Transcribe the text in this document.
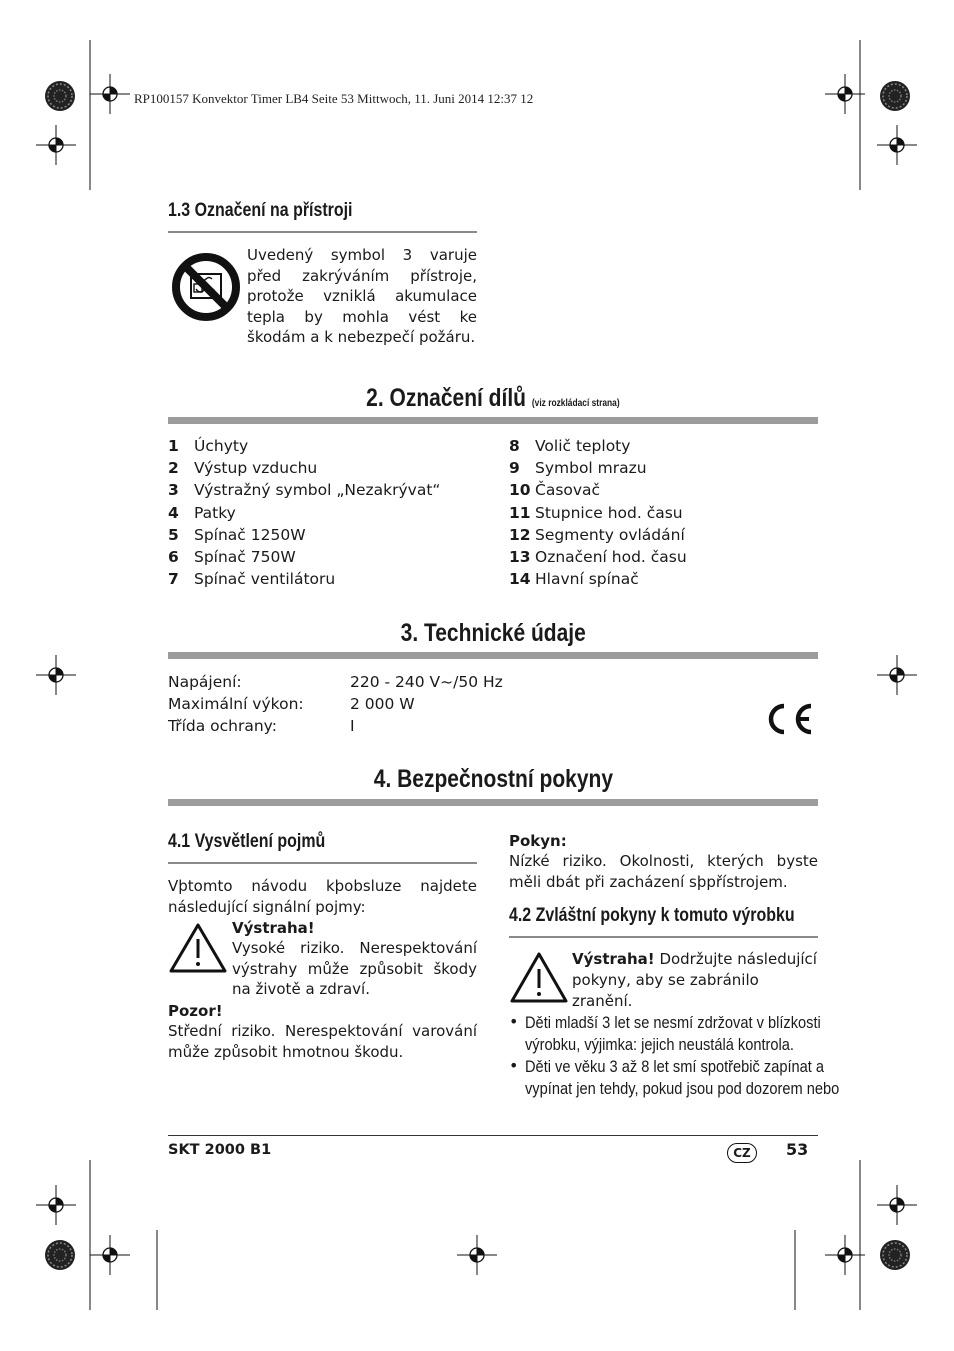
RP100157 Konvektor Timer LB4 Seite 53 Mittwoch, 11. Juni 2014 12:37 12
1.3 Označení na přístroji
Uvedený symbol 3 varuje před zakrýváním přístroje, protože vzniklá akumulace tepla by mohla vést ke škodám a k nebezpečí požáru.
2. Označení dílů (viz rozkládací strana)
1 Úchyty
2 Výstup vzduchu
3 Výstražný symbol „Nezakrývat“
4 Patky
5 Spínač 1250W
6 Spínač 750W
7 Spínač ventilátoru
8 Volič teploty
9 Symbol mrazu
10 Časovač
11 Stupnice hod. času
12 Segmenty ovládání
13 Označení hod. času
14 Hlavní spínač
3. Technické údaje
Napájení:	220 - 240 V~/50 Hz
Maximální výkon:	2 000 W
Třída ochrany:	I
4. Bezpečnostní pokyny
4.1 Vysvětlení pojmů
Vþtomto návodu kþobsluze najdete následující signální pojmy:
Výstraha!
Vysoké riziko. Nerespektování výstrahy může způsobit škody na životě a zdraví.
Pozor!
Střední riziko. Nerespektování varování může způsobit hmotnou škodu.
Pokyn:
Nízké riziko. Okolnosti, kterých byste měli dbát při zacházení sþpřístrojem.
4.2 Zvláštní pokyny k tomuto výrobku
Výstraha! Dodržujte následující pokyny, aby se zabránilo zranění.
• Děti mladší 3 let se nesmí zdržovat v blízkosti
výrobku, výjimka: jejich neustálá kontrola.
• Děti ve věku 3 až 8 let smí spotřebič zapínat a
vypínat jen tehdy, pokud jsou pod dozorem nebo
SKT 2000 B1	CZ	53
